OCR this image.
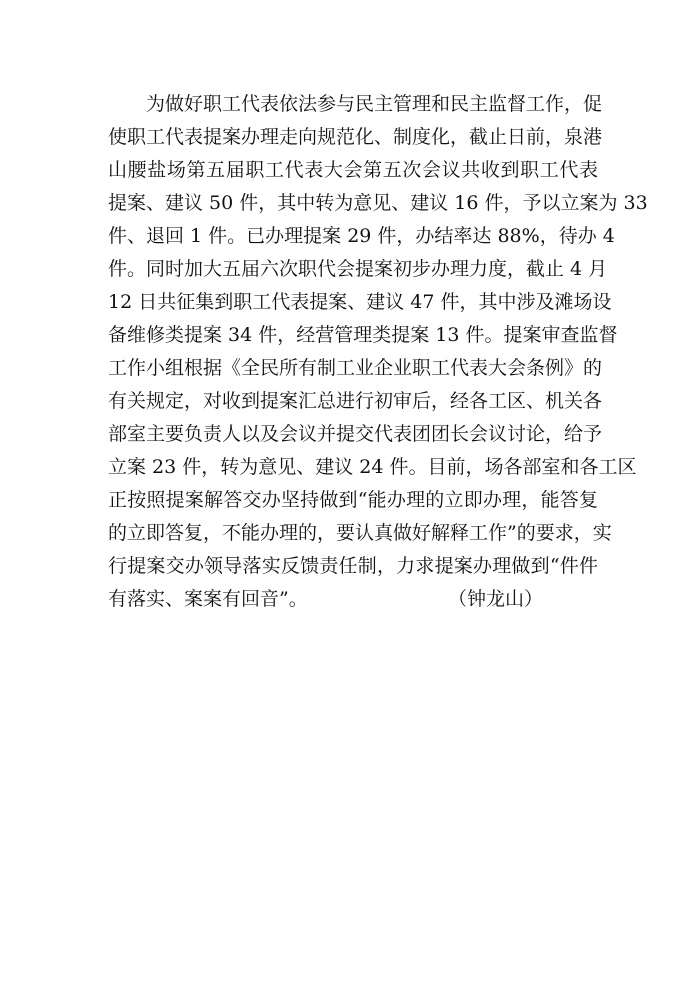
为做好职工代表依法参与民主管理和民主监督工作，促
使职工代表提案办理走向规范化、制度化，截止日前，泉港
山腰盐场第五届职工代表大会第五次会议共收到职工代表
提案、建议 50 件，其中转为意见、建议 16 件，予以立案为 33
件、退回 1 件。已办理提案 29 件，办结率达 88%，待办 4
件。同时加大五届六次职代会提案初步办理力度，截止 4 月
12 日共征集到职工代表提案、建议 47 件，其中涉及滩场设
备维修类提案 34 件，经营管理类提案 13 件。提案审查监督
工作小组根据《全民所有制工业企业职工代表大会条例》的
有关规定，对收到提案汇总进行初审后，经各工区、机关各
部室主要负责人以及会议并提交代表团团长会议讨论，给予
立案 23 件，转为意见、建议 24 件。目前，场各部室和各工区
正按照提案解答交办坚持做到“能办理的立即办理，能答复
的立即答复，不能办理的，要认真做好解释工作”的要求，实
行提案交办领导落实反馈责任制，力求提案办理做到“件件
有落实、案案有回音”。	（钟龙山）
